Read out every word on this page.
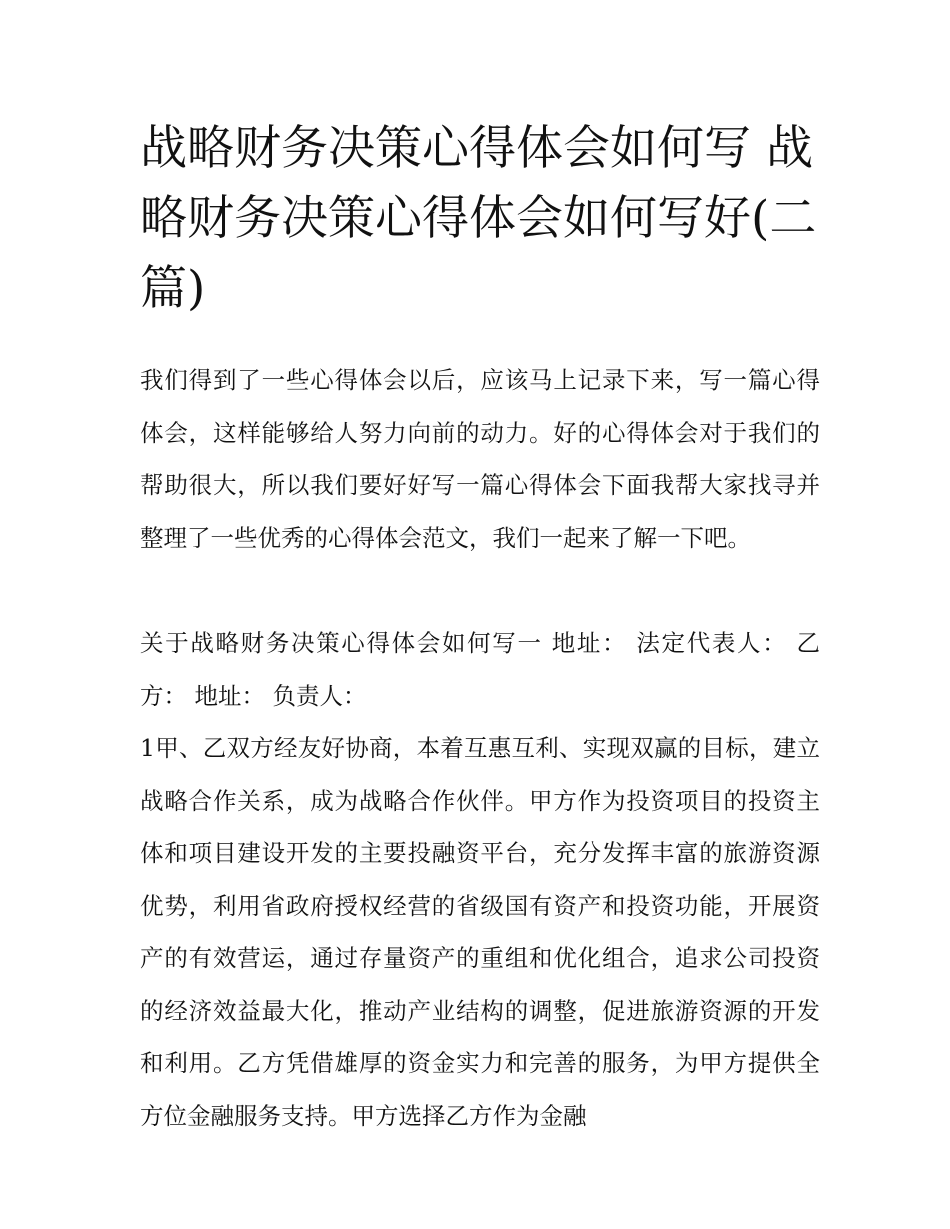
战略财务决策心得体会如何写 战略财务决策心得体会如何写好(二篇)

我们得到了一些心得体会以后，应该马上记录下来，写一篇心得体会，这样能够给人努力向前的动力。好的心得体会对于我们的帮助很大，所以我们要好好写一篇心得体会下面我帮大家找寻并整理了一些优秀的心得体会范文，我们一起来了解一下吧。

关于战略财务决策心得体会如何写一 地址： 法定代表人： 乙方： 地址： 负责人：

1甲、乙双方经友好协商，本着互惠互利、实现双赢的目标，建立战略合作关系，成为战略合作伙伴。甲方作为投资项目的投资主体和项目建设开发的主要投融资平台，充分发挥丰富的旅游资源优势，利用省政府授权经营的省级国有资产和投资功能，开展资产的有效营运，通过存量资产的重组和优化组合，追求公司投资的经济效益最大化，推动产业结构的调整，促进旅游资源的开发和利用。乙方凭借雄厚的资金实力和完善的服务，为甲方提供全方位金融服务支持。甲方选择乙方作为金融
